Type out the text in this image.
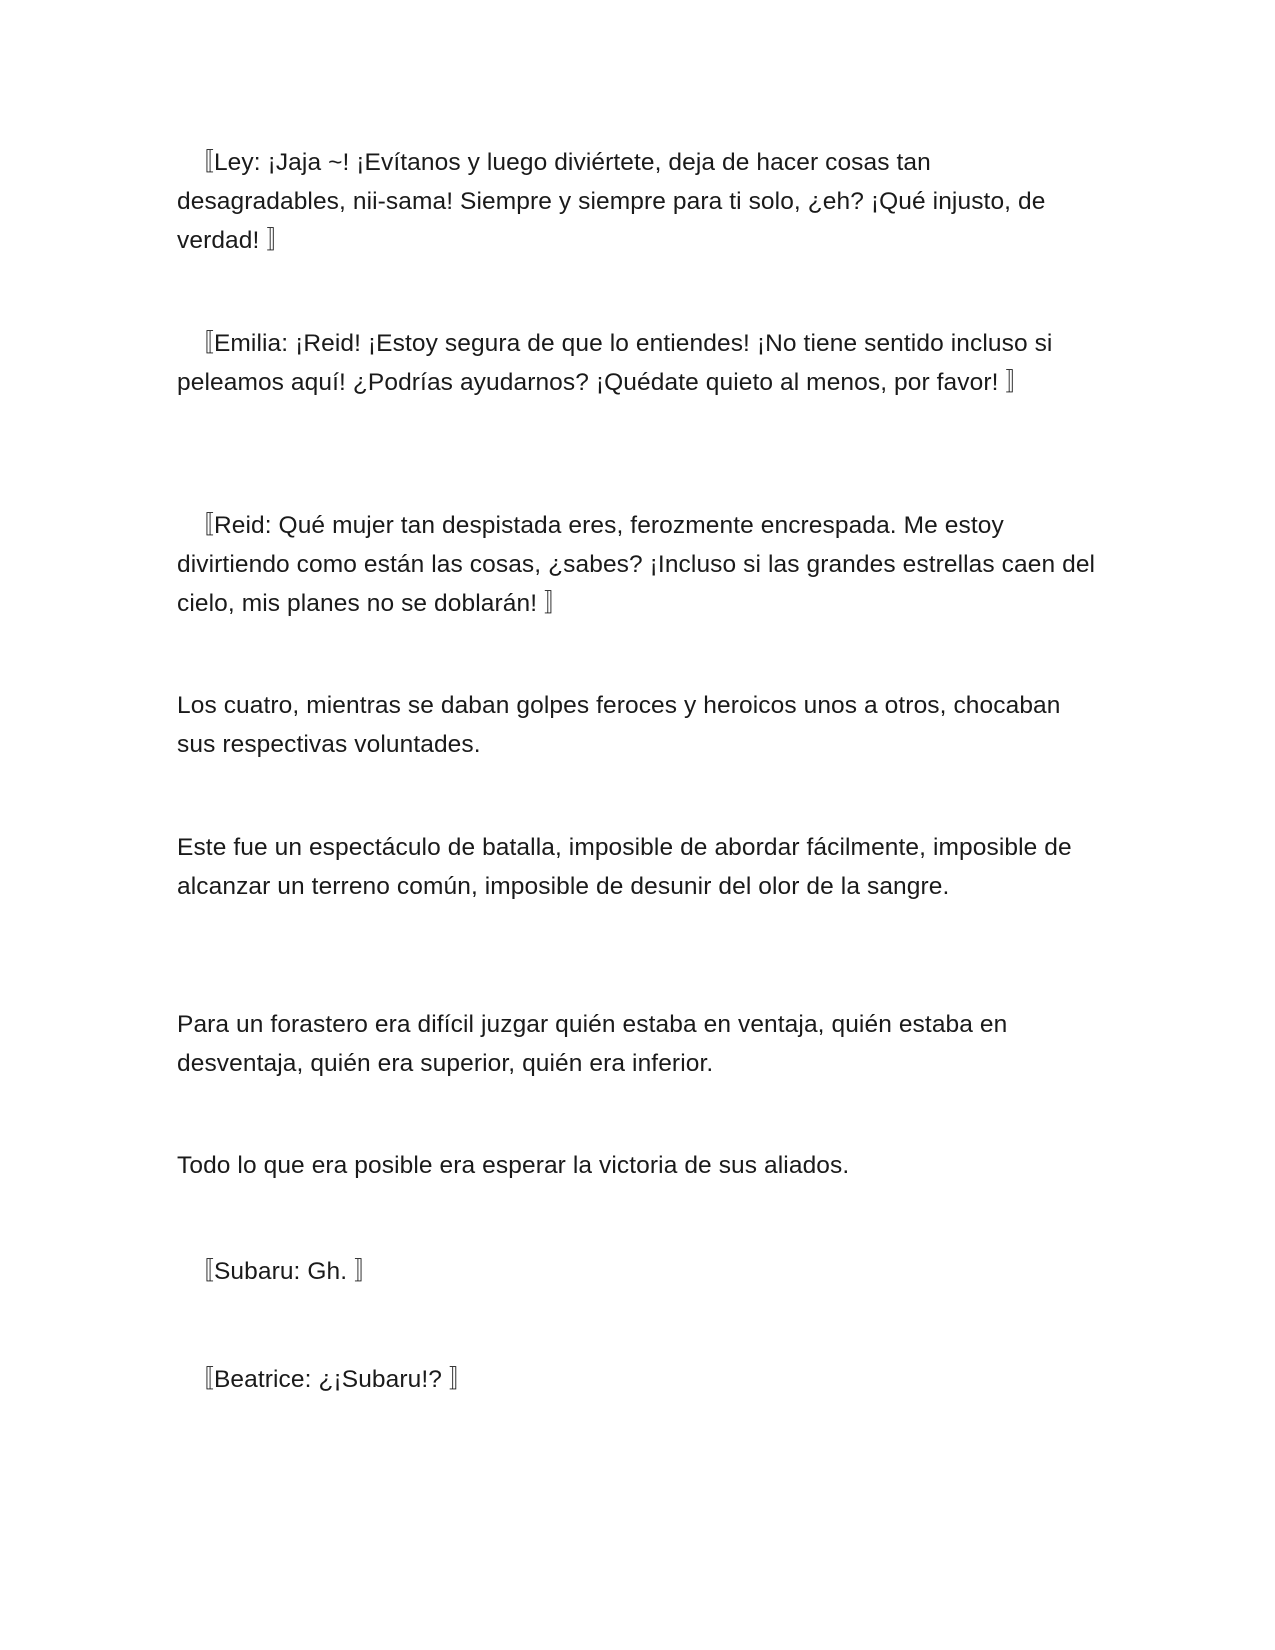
　〚Ley: ¡Jaja ~! ¡Evítanos y luego diviértete, deja de hacer cosas tan desagradables, nii-sama! Siempre y siempre para ti solo, ¿eh? ¡Qué injusto, de verdad! 〛

　〚Emilia: ¡Reid! ¡Estoy segura de que lo entiendes! ¡No tiene sentido incluso si peleamos aquí! ¿Podrías ayudarnos? ¡Quédate quieto al menos, por favor! 〛

　〚Reid: Qué mujer tan despistada eres, ferozmente encrespada. Me estoy divirtiendo como están las cosas, ¿sabes? ¡Incluso si las grandes estrellas caen del cielo, mis planes no se doblarán! 〛

Los cuatro, mientras se daban golpes feroces y heroicos unos a otros, chocaban sus respectivas voluntades.

Este fue un espectáculo de batalla, imposible de abordar fácilmente, imposible de alcanzar un terreno común, imposible de desunir del olor de la sangre.

Para un forastero era difícil juzgar quién estaba en ventaja, quién estaba en desventaja, quién era superior, quién era inferior.

Todo lo que era posible era esperar la victoria de sus aliados.

　〚Subaru: Gh. 〛

　〚Beatrice: ¿¡Subaru!? 〛
